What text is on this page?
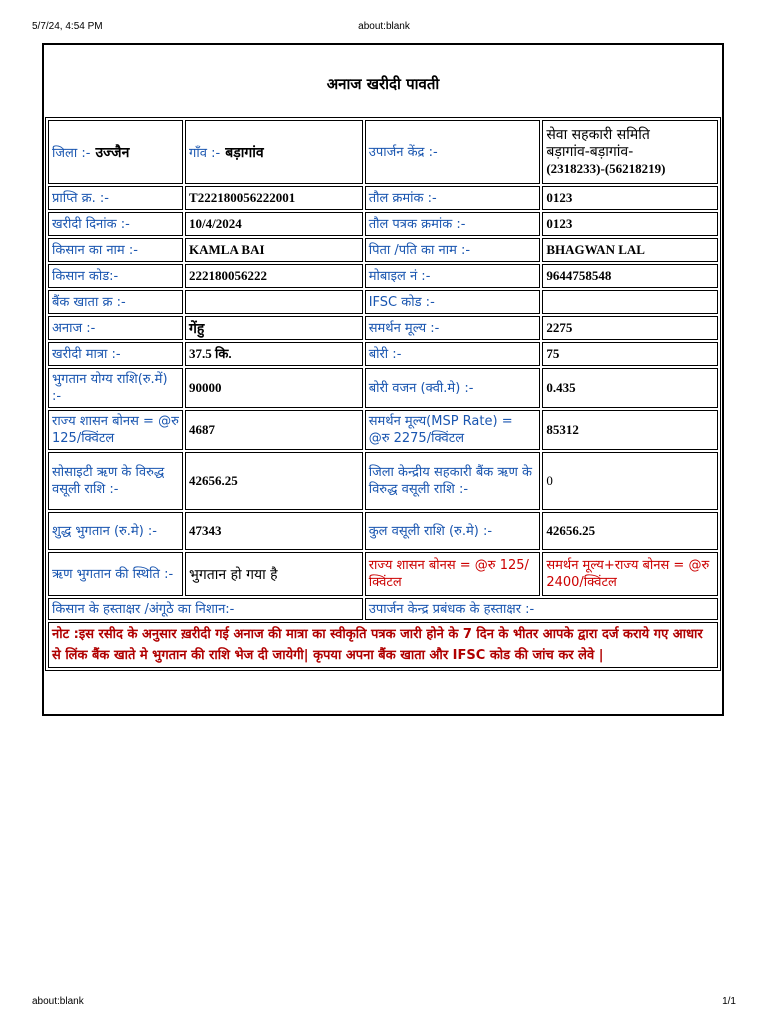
5/7/24, 4:54 PM	about:blank
अनाज खरीदी पावती
जिला :- उज्जैन	गाँव :- बड़ागांव	उपार्जन केंद्र :-	सेवा सहकारी समिति
बड़ागांव-बड़ागांव-
(2318233)-(56218219)

प्राप्ति क्र. :-	T222180056222001	तौल क्रमांक :-	0123
खरीदी दिनांक :-	10/4/2024	तौल पत्रक क्रमांक :-	0123
किसान का नाम :-	KAMLA BAI	पिता /पति का नाम :-	BHAGWAN LAL
किसान कोड:-	222180056222	मोबाइल नं :-	9644758548
बैंक खाता क्र :-		IFSC कोड :-	
अनाज :-	गेंहु	समर्थन मूल्य :-	2275
खरीदी मात्रा :-	37.5 कि.	बोरी :-	75
भुगतान योग्य राशि(रु.में) :-	90000	बोरी वजन (क्वी.मे) :-	0.435
राज्य शासन बोनस = @रु 125/क्विंटल	4687	समर्थन मूल्य(MSP Rate) = @रु 2275/क्विंटल	85312
सोसाइटी ऋण के विरुद्ध वसूली राशि :-	42656.25	जिला केन्द्रीय सहकारी बैंक ऋण के विरुद्ध वसूली राशि :-	0
शुद्ध भुगतान (रु.मे) :-	47343	कुल वसूली राशि (रु.मे) :-	42656.25
ऋण भुगतान की स्थिति :-	भुगतान हो गया है	राज्य शासन बोनस = @रु 125/क्विंटल	समर्थन मूल्य+राज्य बोनस = @रु 2400/क्विंटल
किसान के हस्ताक्षर /अंगूठे का निशान:-		उपार्जन केन्द्र प्रबंधक के हस्ताक्षर :-	
नोट :इस रसीद के अनुसार ख़रीदी गई अनाज की मात्रा का स्वीकृति पत्रक जारी होने के 7 दिन के भीतर आपके द्वारा दर्ज कराये गए आधार से लिंक बैंक खाते मे भुगतान की राशि भेज दी जायेगी| कृपया अपना बैंक खाता और IFSC कोड की जांच कर लेवे |			
about:blank	1/1
